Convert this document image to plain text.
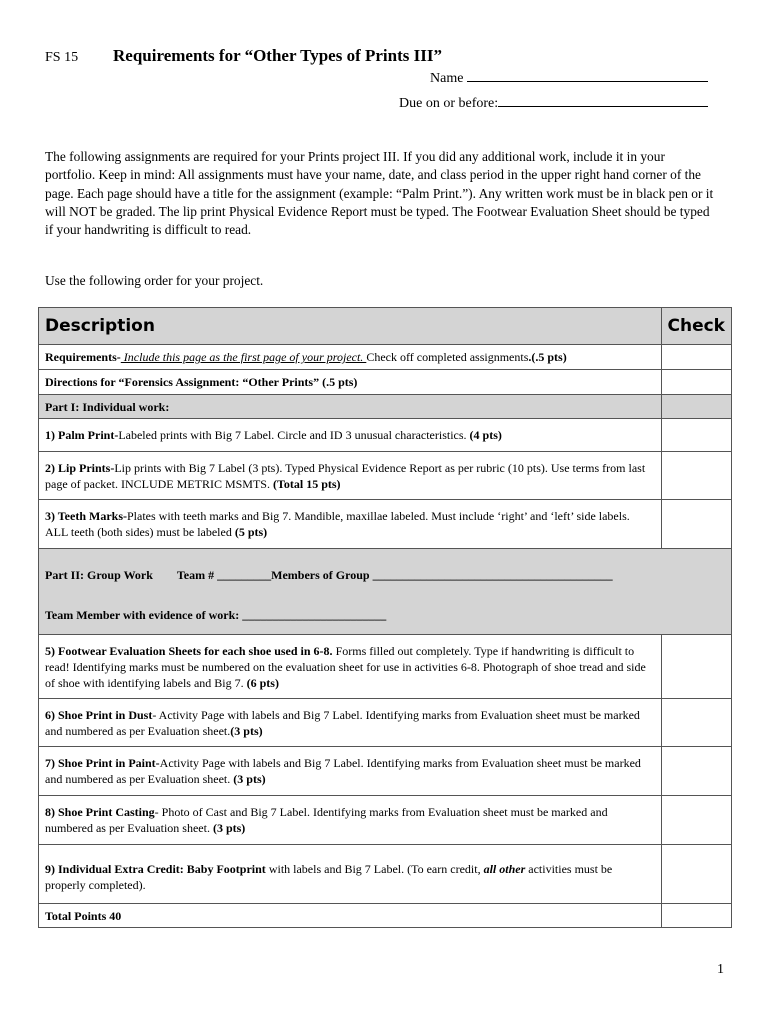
FS 15 Requirements for “Other Types of Prints III”
Name
Due on or before:
The following assignments are required for your Prints project III. If you did any additional work, include it in your portfolio. Keep in mind: All assignments must have your name, date, and class period in the upper right hand corner of the page. Each page should have a title for the assignment (example: “Palm Print.”). Any written work must be in black pen or it will NOT be graded. The lip print Physical Evidence Report must be typed. The Footwear Evaluation Sheet should be typed if your handwriting is difficult to read.
Use the following order for your project.
Description	Check
Requirements- Include this page as the first page of your project. Check off completed assignments.(.5 pts)	
Directions for “Forensics Assignment: “Other Prints” (.5 pts)	
Part I: Individual work:	
1) Palm Print-Labeled prints with Big 7 Label. Circle and ID 3 unusual characteristics. (4 pts)	
2) Lip Prints-Lip prints with Big 7 Label (3 pts). Typed Physical Evidence Report as per rubric (10 pts). Use terms from last page of packet. INCLUDE METRIC MSMTS. (Total 15 pts)	
3) Teeth Marks-Plates with teeth marks and Big 7. Mandible, maxillae labeled. Must include ‘right’ and ‘left’ side labels. ALL teeth (both sides) must be labeled (5 pts)	

Part II: Group Work Team # _________Members of Group ________________________________________
Team Member with evidence of work: ________________________	

5) Footwear Evaluation Sheets for each shoe used in 6-8. Forms filled out completely. Type if handwriting is difficult to read! Identifying marks must be numbered on the evaluation sheet for use in activities 6-8. Photograph of shoe tread and side of shoe with identifying labels and Big 7. (6 pts)	
6) Shoe Print in Dust- Activity Page with labels and Big 7 Label. Identifying marks from Evaluation sheet must be marked and numbered as per Evaluation sheet.(3 pts)	
7) Shoe Print in Paint-Activity Page with labels and Big 7 Label. Identifying marks from Evaluation sheet must be marked and numbered as per Evaluation sheet. (3 pts)	
8) Shoe Print Casting- Photo of Cast and Big 7 Label. Identifying marks from Evaluation sheet must be marked and numbered as per Evaluation sheet. (3 pts)	
9) Individual Extra Credit: Baby Footprint with labels and Big 7 Label. (To earn credit, all other activities must be properly completed).	
Total Points 40	
1
